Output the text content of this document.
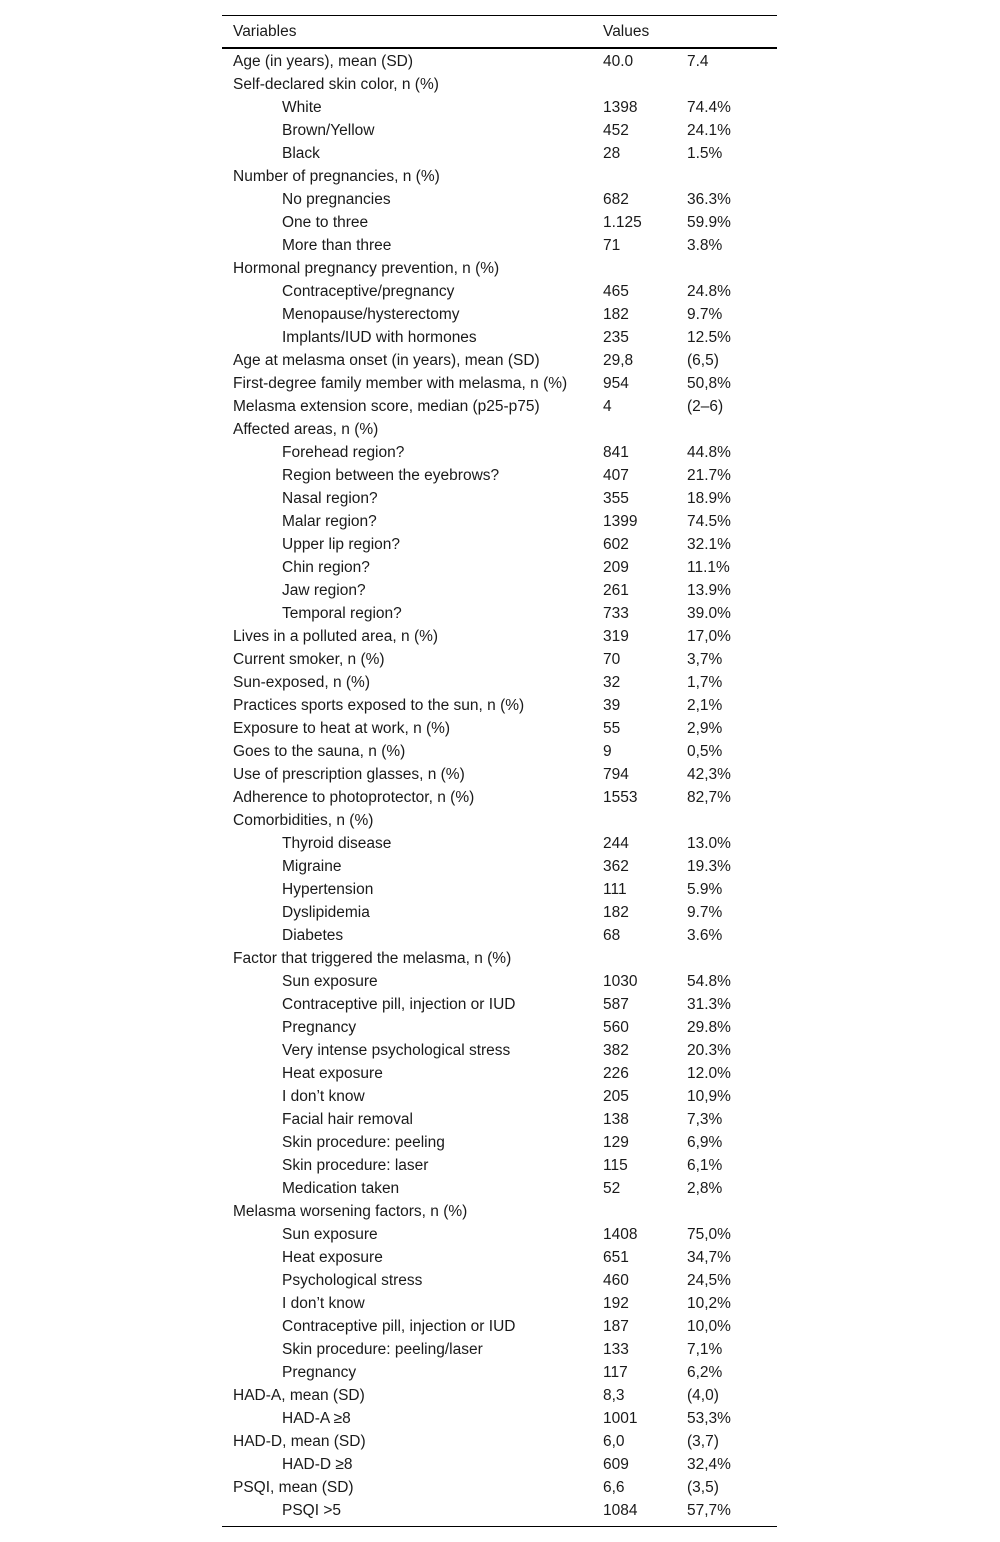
Variables	Values
Age (in years), mean (SD)	40.0	7.4
Self-declared skin color, n (%)
White	1398	74.4%
Brown/Yellow	452	24.1%
Black	28	1.5%
Number of pregnancies, n (%)
No pregnancies	682	36.3%
One to three	1.125	59.9%
More than three	71	3.8%
Hormonal pregnancy prevention, n (%)
Contraceptive/pregnancy	465	24.8%
Menopause/hysterectomy	182	9.7%
Implants/IUD with hormones	235	12.5%
Age at melasma onset (in years), mean (SD)	29,8	(6,5)
First-degree family member with melasma, n (%)	954	50,8%
Melasma extension score, median (p25-p75)	4	(2–6)
Affected areas, n (%)
Forehead region?	841	44.8%
Region between the eyebrows?	407	21.7%
Nasal region?	355	18.9%
Malar region?	1399	74.5%
Upper lip region?	602	32.1%
Chin region?	209	11.1%
Jaw region?	261	13.9%
Temporal region?	733	39.0%
Lives in a polluted area, n (%)	319	17,0%
Current smoker, n (%)	70	3,7%
Sun-exposed, n (%)	32	1,7%
Practices sports exposed to the sun, n (%)	39	2,1%
Exposure to heat at work, n (%)	55	2,9%
Goes to the sauna, n (%)	9	0,5%
Use of prescription glasses, n (%)	794	42,3%
Adherence to photoprotector, n (%)	1553	82,7%
Comorbidities, n (%)
Thyroid disease	244	13.0%
Migraine	362	19.3%
Hypertension	111	5.9%
Dyslipidemia	182	9.7%
Diabetes	68	3.6%
Factor that triggered the melasma, n (%)
Sun exposure	1030	54.8%
Contraceptive pill, injection or IUD	587	31.3%
Pregnancy	560	29.8%
Very intense psychological stress	382	20.3%
Heat exposure	226	12.0%
I don’t know	205	10,9%
Facial hair removal	138	7,3%
Skin procedure: peeling	129	6,9%
Skin procedure: laser	115	6,1%
Medication taken	52	2,8%
Melasma worsening factors, n (%)
Sun exposure	1408	75,0%
Heat exposure	651	34,7%
Psychological stress	460	24,5%
I don’t know	192	10,2%
Contraceptive pill, injection or IUD	187	10,0%
Skin procedure: peeling/laser	133	7,1%
Pregnancy	117	6,2%
HAD-A, mean (SD)	8,3	(4,0)
HAD-A ≥8	1001	53,3%
HAD-D, mean (SD)	6,0	(3,7)
HAD-D ≥8	609	32,4%
PSQI, mean (SD)	6,6	(3,5)
PSQI >5	1084	57,7%
